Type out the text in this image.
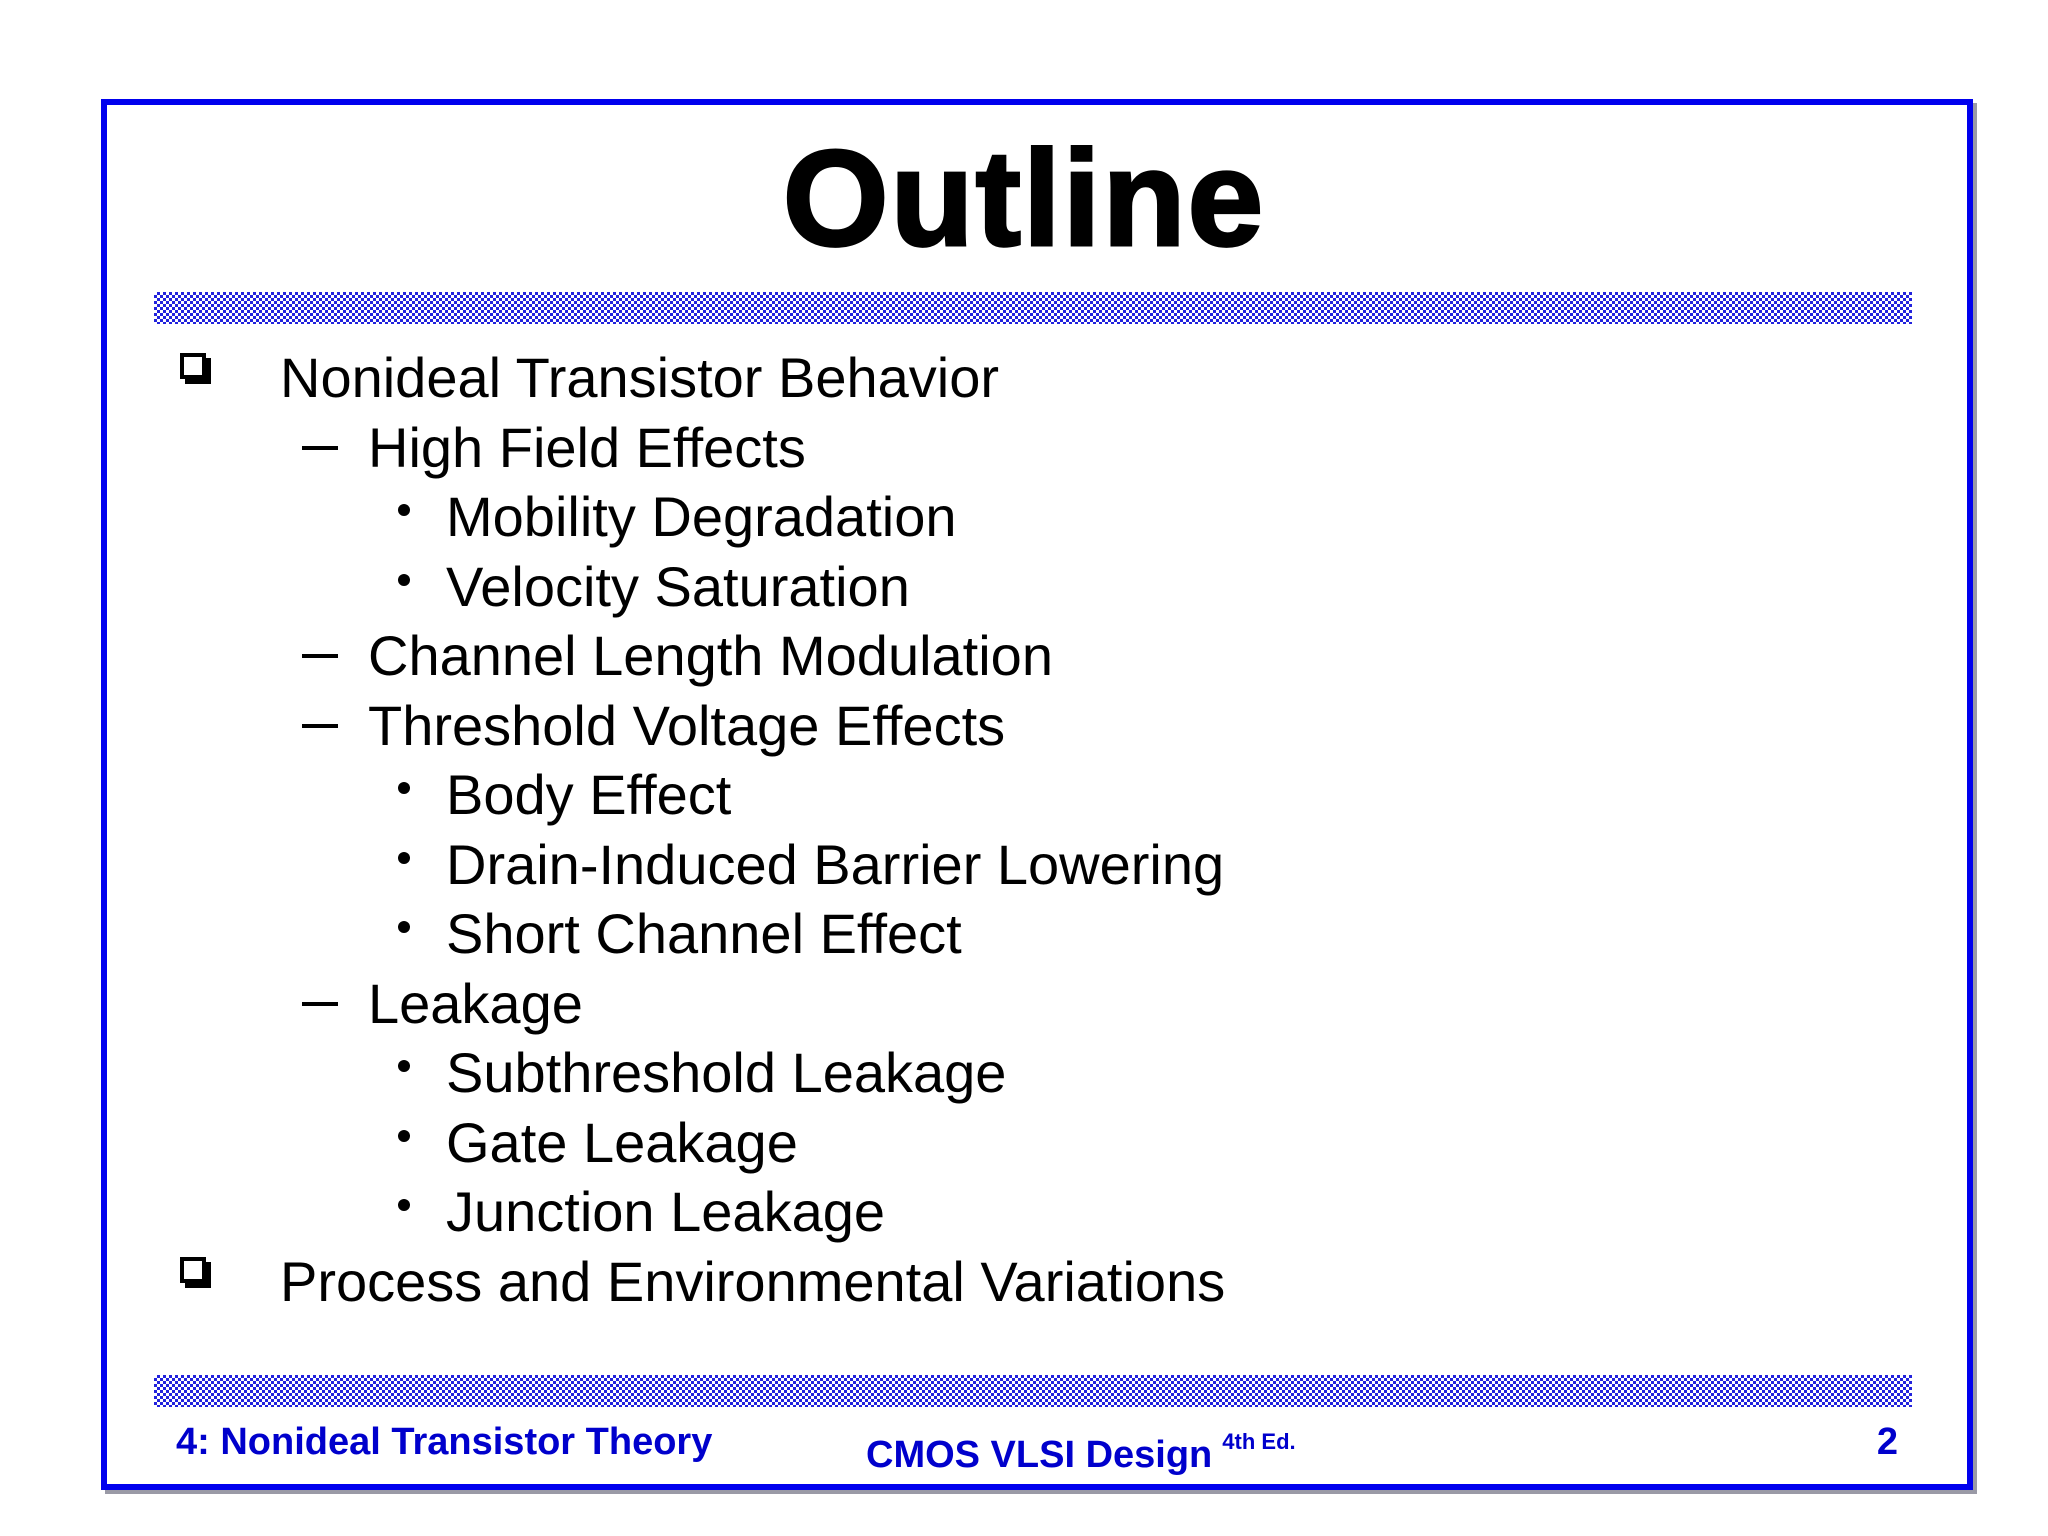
Outline
Nonideal Transistor Behavior
High Field Effects
Mobility Degradation
Velocity Saturation
Channel Length Modulation
Threshold Voltage Effects
Body Effect
Drain-Induced Barrier Lowering
Short Channel Effect
Leakage
Subthreshold Leakage
Gate Leakage
Junction Leakage
Process and Environmental Variations
4: Nonideal Transistor Theory	CMOS VLSI Design $^{4th Ed.}$	2
